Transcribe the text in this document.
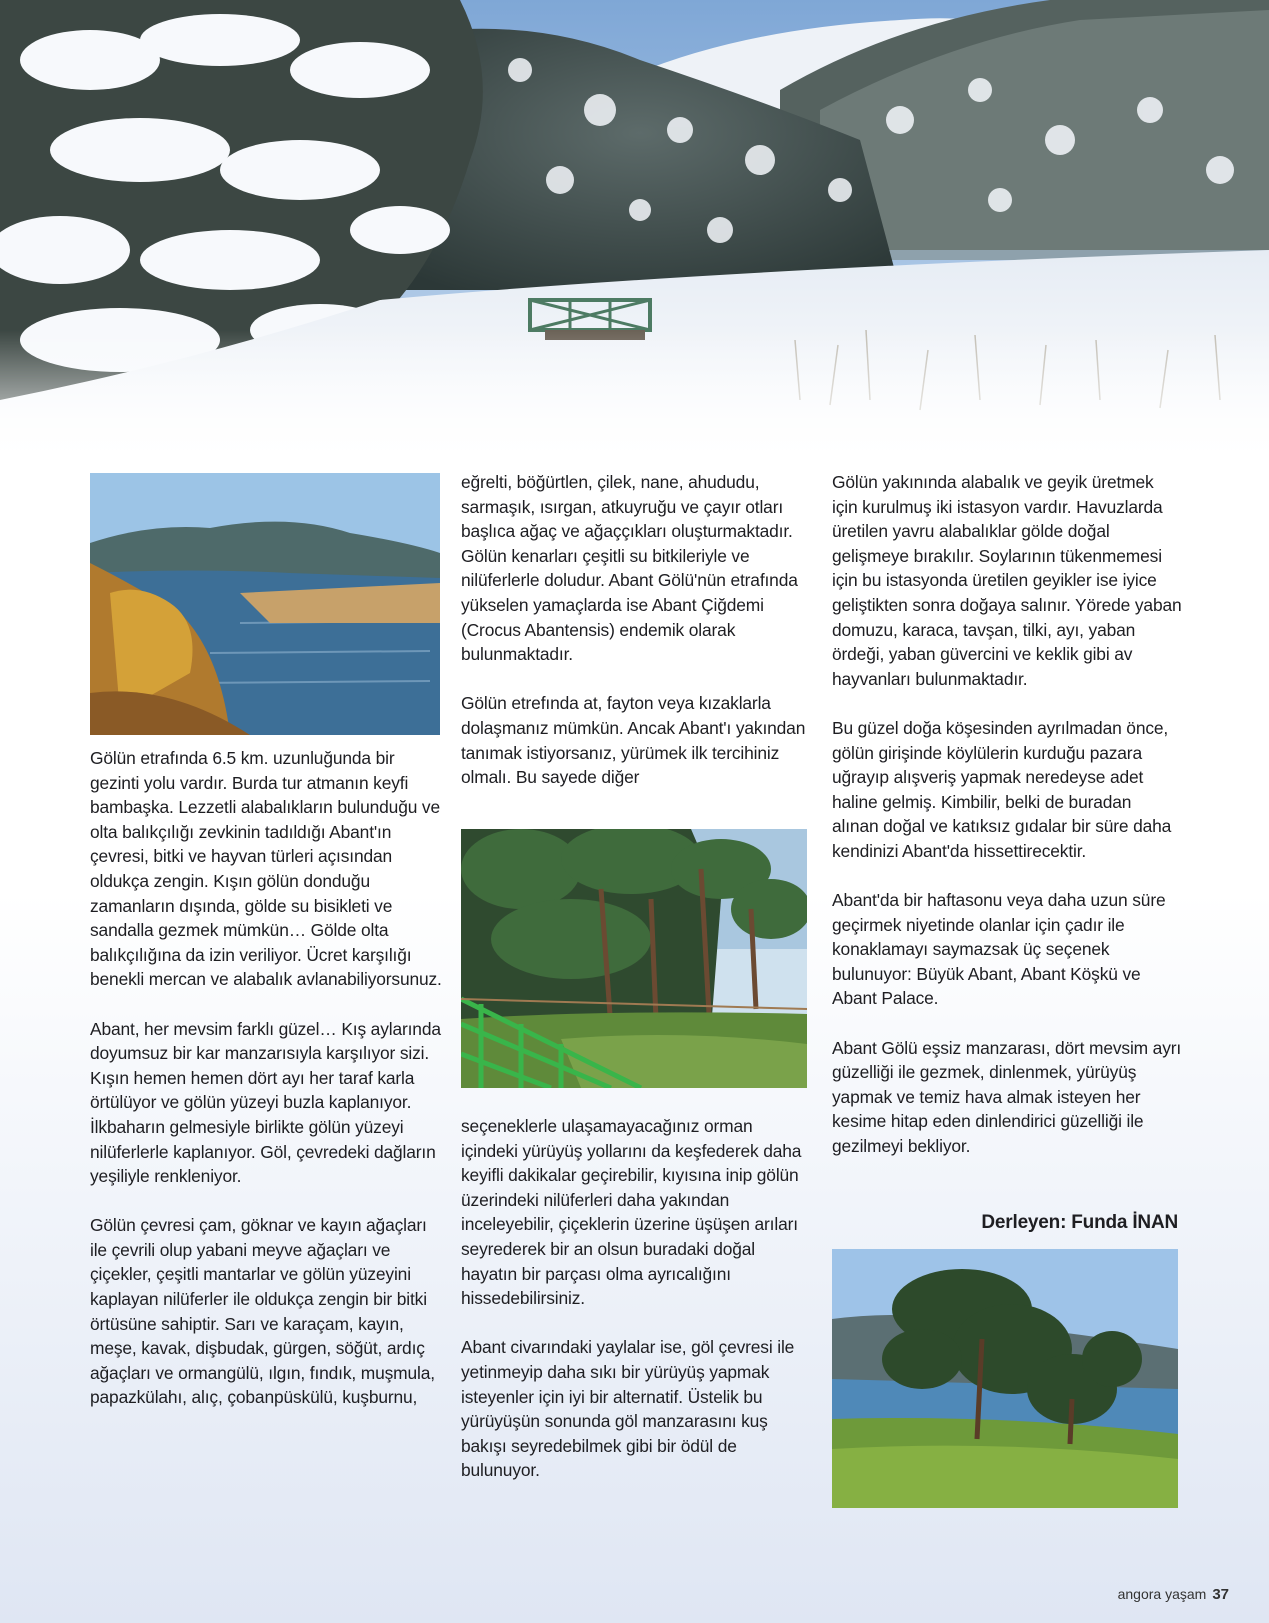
Gölün etrafında 6.5 km. uzunluğunda bir gezinti yolu vardır. Burda tur atmanın keyfi bambaşka. Lezzetli alabalıkların bulunduğu ve olta balıkçılığı zevkinin tadıldığı Abant'ın çevresi, bitki ve hayvan türleri açısından oldukça zengin. Kışın gölün donduğu zamanların dışında, gölde su bisikleti ve sandalla gezmek mümkün… Gölde olta balıkçılığına da izin veriliyor. Ücret karşılığı benekli mercan ve alabalık avlanabiliyorsunuz.

Abant, her mevsim farklı güzel… Kış aylarında doyumsuz bir kar manzarısıyla karşılıyor sizi. Kışın hemen hemen dört ayı her taraf karla örtülüyor ve gölün yüzeyi buzla kaplanıyor. İlkbaharın gelmesiyle birlikte gölün yüzeyi nilüferlerle kaplanıyor. Göl, çevredeki dağların yeşiliyle renkleniyor.

Gölün çevresi çam, göknar ve kayın ağaçları ile çevrili olup yabani meyve ağaçları ve çiçekler, çeşitli mantarlar ve gölün yüzeyini kaplayan nilüferler ile oldukça zengin bir bitki örtüsüne sahiptir. Sarı ve karaçam, kayın, meşe, kavak, dişbudak, gürgen, söğüt, ardıç ağaçları ve ormangülü, ılgın, fındık, muşmula, papazkülahı, alıç, çobanpüskülü, kuşburnu,

eğrelti, böğürtlen, çilek, nane, ahududu, sarmaşık, ısırgan, atkuyruğu ve çayır otları başlıca ağaç ve ağaççıkları oluşturmaktadır. Gölün kenarları çeşitli su bitkileriyle ve nilüferlerle doludur. Abant Gölü'nün etrafında yükselen yamaçlarda ise Abant Çiğdemi (Crocus Abantensis) endemik olarak bulunmaktadır.

Gölün etrefında at, fayton veya kızaklarla dolaşmanız mümkün. Ancak Abant'ı yakından tanımak istiyorsanız, yürümek ilk tercihiniz olmalı. Bu sayede diğer

seçeneklerle ulaşamayacağınız orman içindeki yürüyüş yollarını da keşfederek daha keyifli dakikalar geçirebilir, kıyısına inip gölün üzerindeki nilüferleri daha yakından inceleyebilir, çiçeklerin üzerine üşüşen arıları seyrederek bir an olsun buradaki doğal hayatın bir parçası olma ayrıcalığını hissedebilirsiniz.

Abant civarındaki yaylalar ise, göl çevresi ile yetinmeyip daha sıkı bir yürüyüş yapmak isteyenler için iyi bir alternatif. Üstelik bu yürüyüşün sonunda göl manzarasını kuş bakışı seyredebilmek gibi bir ödül de bulunuyor.

Gölün yakınında alabalık ve geyik üretmek için kurulmuş iki istasyon vardır. Havuzlarda üretilen yavru alabalıklar gölde doğal gelişmeye bırakılır. Soylarının tükenmemesi için bu istasyonda üretilen geyikler ise iyice geliştikten sonra doğaya salınır. Yörede yaban domuzu, karaca, tavşan, tilki, ayı, yaban ördeği, yaban güvercini ve keklik gibi av hayvanları bulunmaktadır.

Bu güzel doğa köşesinden ayrılmadan önce, gölün girişinde köylülerin kurduğu pazara uğrayıp alışveriş yapmak neredeyse adet haline gelmiş. Kimbilir, belki de buradan alınan doğal ve katıksız gıdalar bir süre daha kendinizi Abant'da hissettirecektir.

Abant'da bir haftasonu veya daha uzun süre geçirmek niyetinde olanlar için çadır ile konaklamayı saymazsak üç seçenek bulunuyor: Büyük Abant, Abant Köşkü ve Abant Palace.

Abant Gölü eşsiz manzarası, dört mevsim ayrı güzelliği ile gezmek, dinlenmek, yürüyüş yapmak ve temiz hava almak isteyen her kesime hitap eden dinlendirici güzelliği ile gezilmeyi bekliyor.

Derleyen: Funda İNAN
angora yaşam 37
